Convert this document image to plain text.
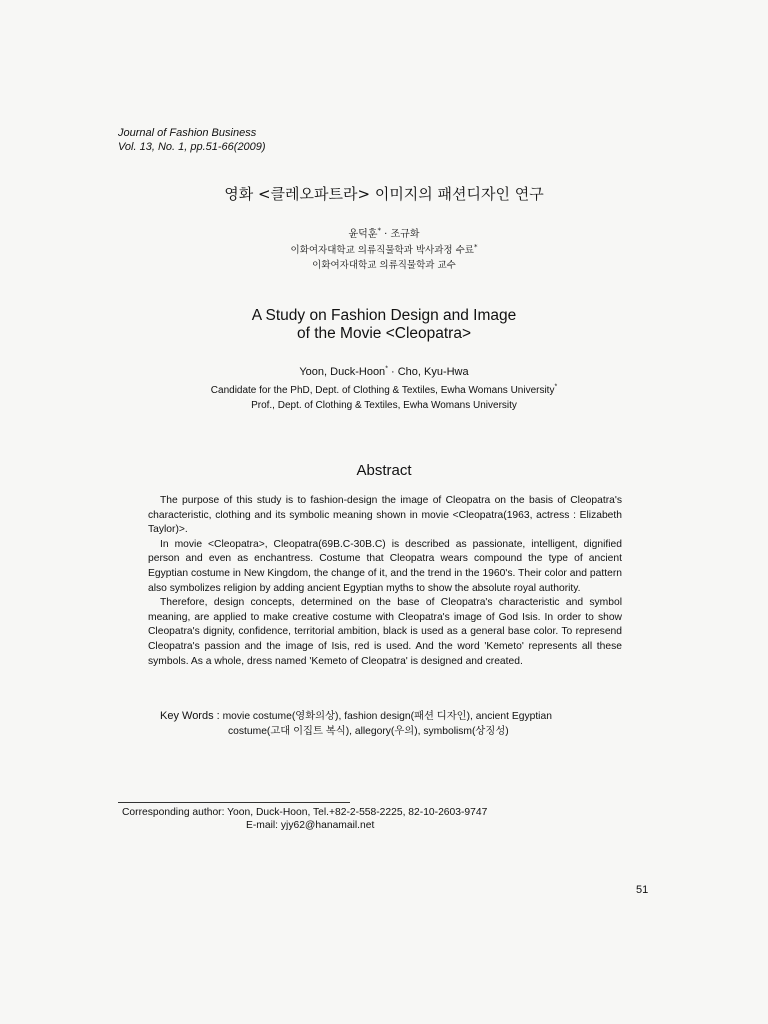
Journal of Fashion Business
Vol. 13, No. 1, pp.51-66(2009)
영화 <클레오파트라> 이미지의 패션디자인 연구
윤덕훈* · 조규화
이화여자대학교 의류직물학과 박사과정 수료*
이화여자대학교 의류직물학과 교수
A Study on Fashion Design and Image
of the Movie <Cleopatra>
Yoon, Duck-Hoon* · Cho, Kyu-Hwa
Candidate for the PhD, Dept. of Clothing & Textiles, Ewha Womans University*
Prof., Dept. of Clothing & Textiles, Ewha Womans University
Abstract

The purpose of this study is to fashion-design the image of Cleopatra on the basis of Cleopatra's characteristic, clothing and its symbolic meaning shown in movie <Cleopatra(1963, actress : Elizabeth Taylor)>.

In movie <Cleopatra>, Cleopatra(69B.C-30B.C) is described as passionate, intelligent, dignified person and even as enchantress. Costume that Cleopatra wears compound the type of ancient Egyptian costume in New Kingdom, the change of it, and the trend in the 1960's. Their color and pattern also symbolizes religion by adding ancient Egyptian myths to show the absolute royal authority.

Therefore, design concepts, determined on the base of Cleopatra's characteristic and symbol meaning, are applied to make creative costume with Cleopatra's image of God Isis. In order to show Cleopatra's dignity, confidence, territorial ambition, black is used as a general base color. To represend Cleopatra's passion and the image of Isis, red is used. And the word 'Kemeto' represents all these symbols. As a whole, dress named 'Kemeto of Cleopatra' is designed and created.

Key Words : movie costume(영화의상), fashion design(패션 디자인), ancient Egyptian
costume(고대 이집트 복식), allegory(우의), symbolism(상징성)
Corresponding author: Yoon, Duck-Hoon, Tel.+82-2-558-2225, 82-10-2603-9747
E-mail: yjy62@hanamail.net
51
